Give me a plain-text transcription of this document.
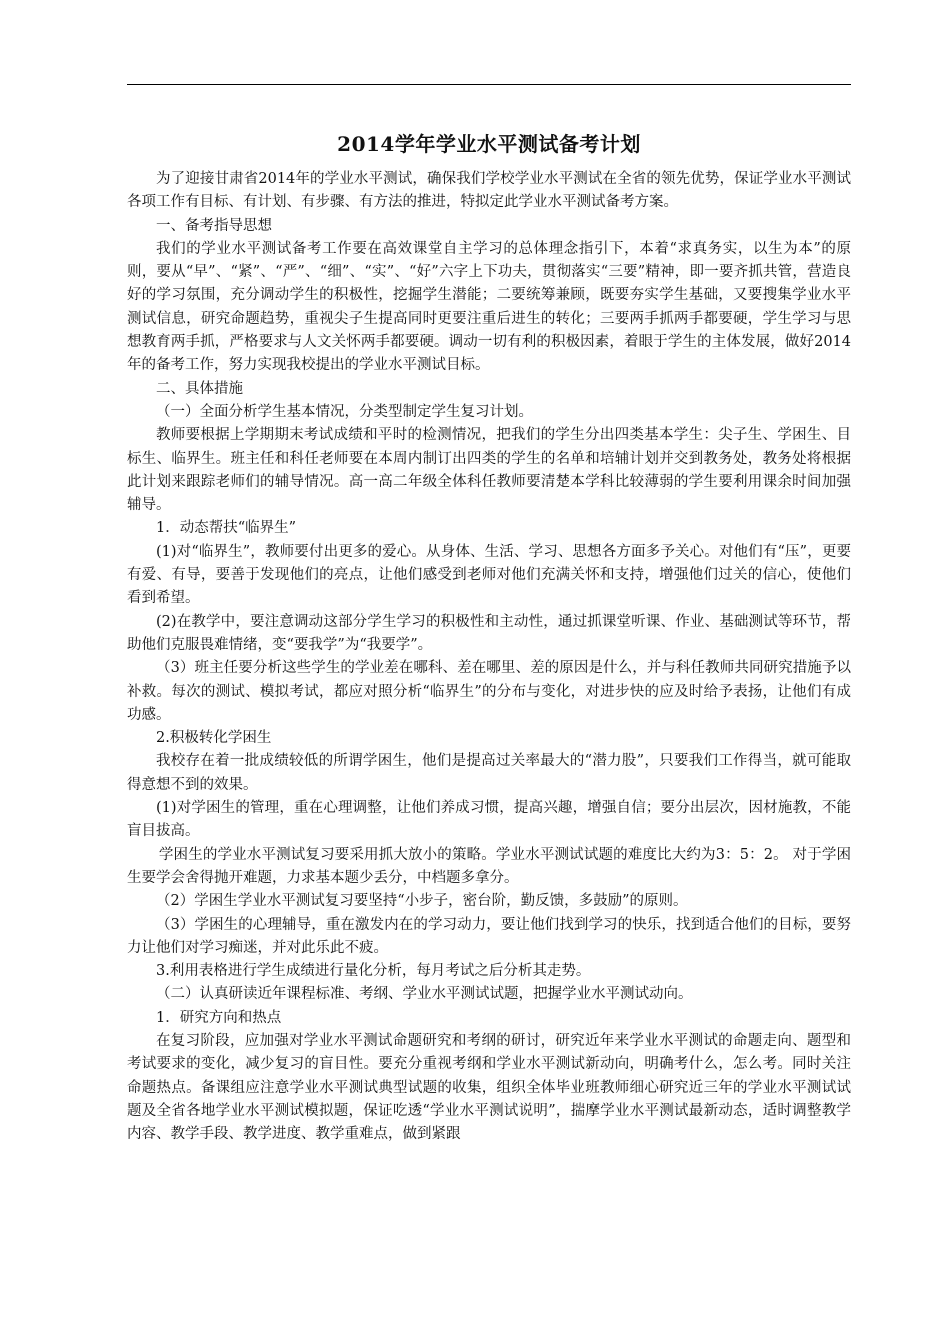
2014学年学业水平测试备考计划

为了迎接甘肃省2014年的学业水平测试，确保我们学校学业水平测试在全省的领先优势，保证学业水平测试各项工作有目标、有计划、有步骤、有方法的推进，特拟定此学业水平测试备考方案。

一、备考指导思想

我们的学业水平测试备考工作要在高效课堂自主学习的总体理念指引下，本着“求真务实，以生为本”的原则，要从“早”、“紧”、“严”、“细”、“实”、“好”六字上下功夫，贯彻落实“三要”精神，即一要齐抓共管，营造良好的学习氛围，充分调动学生的积极性，挖掘学生潜能；二要统筹兼顾，既要夯实学生基础，又要搜集学业水平测试信息，研究命题趋势，重视尖子生提高同时更要注重后进生的转化；三要两手抓两手都要硬，学生学习与思想教育两手抓，严格要求与人文关怀两手都要硬。调动一切有利的积极因素，着眼于学生的主体发展，做好2014年的备考工作，努力实现我校提出的学业水平测试目标。

二、具体措施

（一）全面分析学生基本情况，分类型制定学生复习计划。

教师要根据上学期期末考试成绩和平时的检测情况，把我们的学生分出四类基本学生：尖子生、学困生、目标生、临界生。班主任和科任老师要在本周内制订出四类的学生的名单和培辅计划并交到教务处，教务处将根据此计划来跟踪老师们的辅导情况。高一高二年级全体科任教师要清楚本学科比较薄弱的学生要利用课余时间加强辅导。

1．动态帮扶“临界生”

(1)对“临界生”，教师要付出更多的爱心。从身体、生活、学习、思想各方面多予关心。对他们有“压”，更要有爱、有导，要善于发现他们的亮点，让他们感受到老师对他们充满关怀和支持，增强他们过关的信心，使他们看到希望。

(2)在教学中，要注意调动这部分学生学习的积极性和主动性，通过抓课堂听课、作业、基础测试等环节，帮助他们克服畏难情绪，变“要我学”为“我要学”。

（3）班主任要分析这些学生的学业差在哪科、差在哪里、差的原因是什么，并与科任教师共同研究措施予以补救。每次的测试、模拟考试，都应对照分析“临界生”的分布与变化，对进步快的应及时给予表扬，让他们有成功感。

2.积极转化学困生

我校存在着一批成绩较低的所谓学困生，他们是提高过关率最大的“潜力股”，只要我们工作得当，就可能取得意想不到的效果。

(1)对学困生的管理，重在心理调整，让他们养成习惯，提高兴趣，增强自信；要分出层次，因材施教，不能盲目拔高。

学困生的学业水平测试复习要采用抓大放小的策略。学业水平测试试题的难度比大约为3：5：2。 对于学困生要学会舍得抛开难题，力求基本题少丢分，中档题多拿分。

（2）学困生学业水平测试复习要坚持“小步子，密台阶，勤反馈，多鼓励”的原则。

（3）学困生的心理辅导，重在激发内在的学习动力，要让他们找到学习的快乐，找到适合他们的目标，要努力让他们对学习痴迷，并对此乐此不疲。

3.利用表格进行学生成绩进行量化分析，每月考试之后分析其走势。

（二）认真研读近年课程标准、考纲、学业水平测试试题，把握学业水平测试动向。

1．研究方向和热点

在复习阶段，应加强对学业水平测试命题研究和考纲的研讨，研究近年来学业水平测试的命题走向、题型和考试要求的变化，减少复习的盲目性。要充分重视考纲和学业水平测试新动向，明确考什么，怎么考。同时关注命题热点。备课组应注意学业水平测试典型试题的收集，组织全体毕业班教师细心研究近三年的学业水平测试试题及全省各地学业水平测试模拟题，保证吃透“学业水平测试说明”，揣摩学业水平测试最新动态，适时调整教学内容、教学手段、教学进度、教学重难点，做到紧跟
